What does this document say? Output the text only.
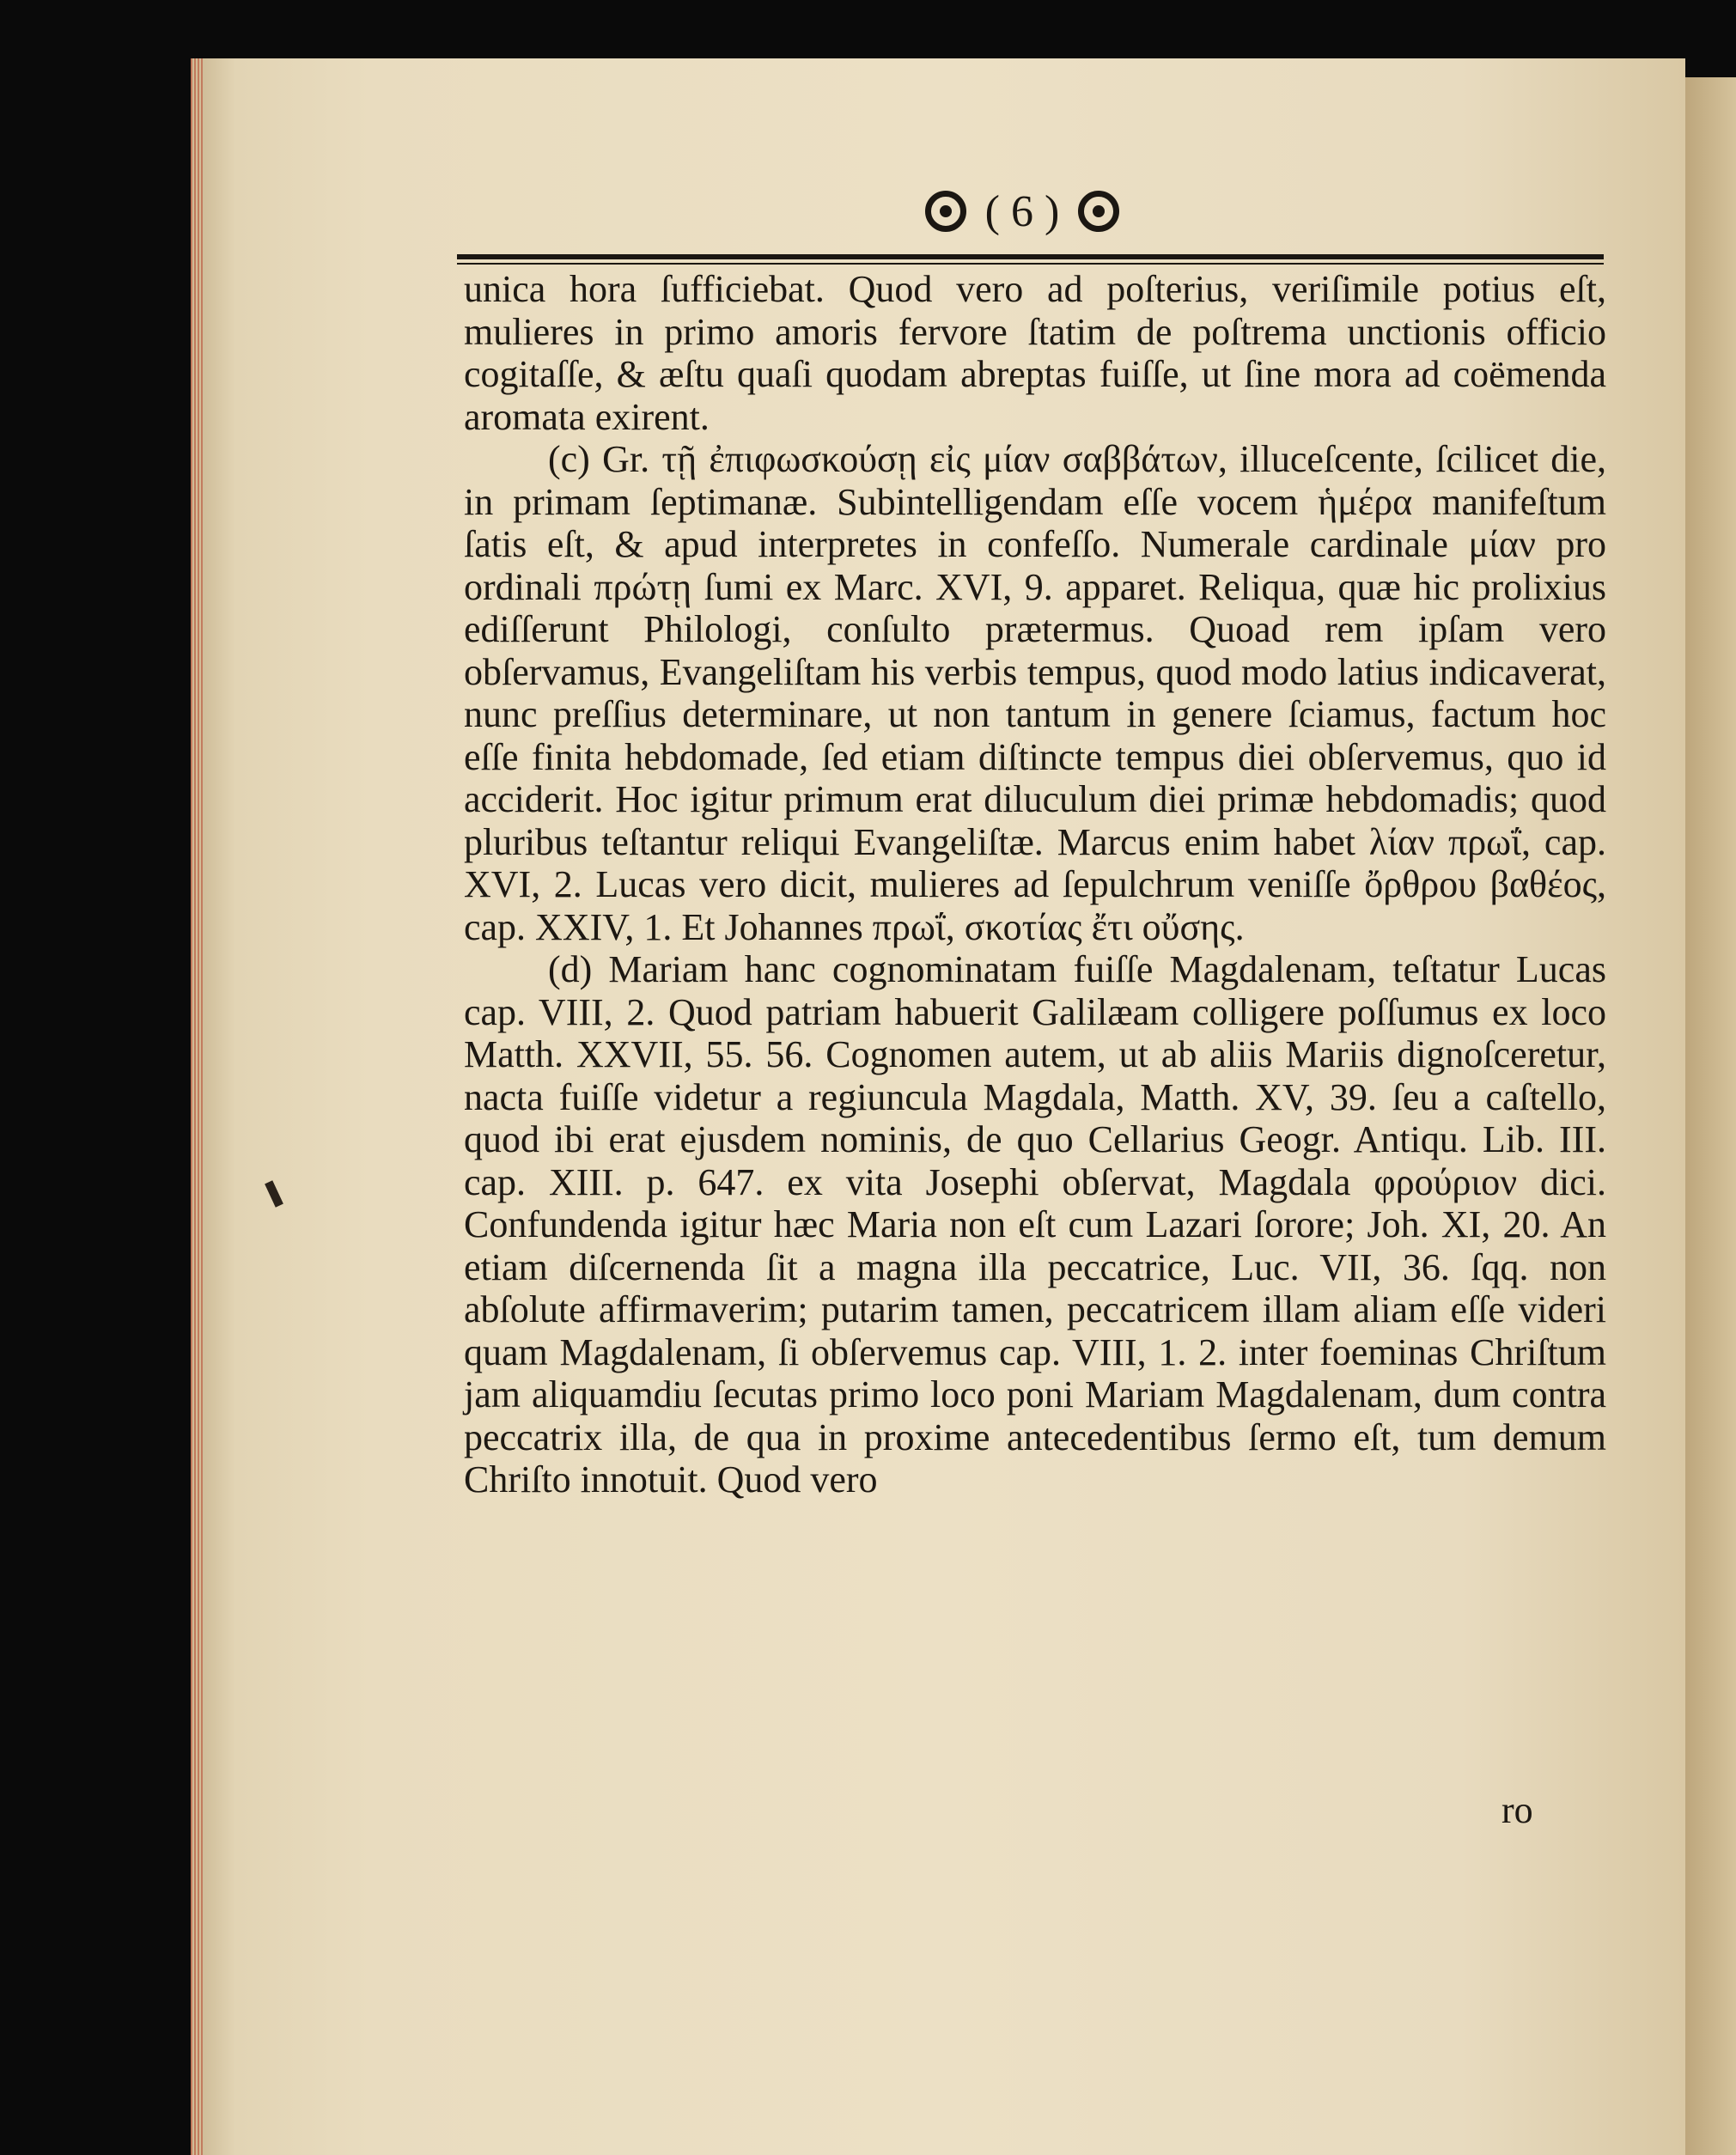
( 6 )

unica hora ſufficiebat. Quod vero ad poſterius, veriſimile potius eſt, mulieres in primo amoris fervore ſtatim de poſtrema unctionis officio cogitaſſe, & æſtu quaſi quodam abreptas fuiſſe, ut ſine mora ad coëmenda aromata exirent.

(c) Gr. τῇ ἐπιφωσκούσῃ εἰς μίαν σαββάτων, illuceſcente, ſcilicet die, in primam ſeptimanæ. Subintelligendam eſſe vocem ἡμέρα manifeſtum ſatis eſt, & apud interpretes in confeſſo. Numerale cardinale μίαν pro ordinali πρώτῃ ſumi ex Marc. XVI, 9. apparet. Reliqua, quæ hic prolixius ediſſerunt Philologi, conſulto prætermus. Quoad rem ipſam vero obſervamus, Evangeliſtam his verbis tempus, quod modo latius indicaverat, nunc preſſius determinare, ut non tantum in genere ſciamus, factum hoc eſſe finita hebdomade, ſed etiam diſtincte tempus diei obſervemus, quo id acciderit. Hoc igitur primum erat diluculum diei primæ hebdomadis; quod pluribus teſtantur reliqui Evangeliſtæ. Marcus enim habet λίαν πρωΐ, cap. XVI, 2. Lucas vero dicit, mulieres ad ſepulchrum veniſſe ὄρθρου βαθέος, cap. XXIV, 1. Et Johannes πρωΐ, σκοτίας ἔτι οὔσης.

(d) Mariam hanc cognominatam fuiſſe Magdalenam, teſtatur Lucas cap. VIII, 2. Quod patriam habuerit Galilæam colligere poſſumus ex loco Matth. XXVII, 55. 56. Cognomen autem, ut ab aliis Mariis dignoſceretur, nacta fuiſſe videtur a regiuncula Magdala, Matth. XV, 39. ſeu a caſtello, quod ibi erat ejusdem nominis, de quo Cellarius Geogr. Antiqu. Lib. III. cap. XIII. p. 647. ex vita Josephi obſervat, Magdala φρούριον dici. Confundenda igitur hæc Maria non eſt cum Lazari ſorore; Joh. XI, 20. An etiam diſcernenda ſit a magna illa peccatrice, Luc. VII, 36. ſqq. non abſolute affirmaverim; putarim tamen, peccatricem illam aliam eſſe videri quam Magdalenam, ſi obſervemus cap. VIII, 1. 2. inter foeminas Chriſtum jam aliquamdiu ſecutas primo loco poni Mariam Magdalenam, dum contra peccatrix illa, de qua in proxime antecedentibus ſermo eſt, tum demum Chriſto innotuit. Quod vero

ro
